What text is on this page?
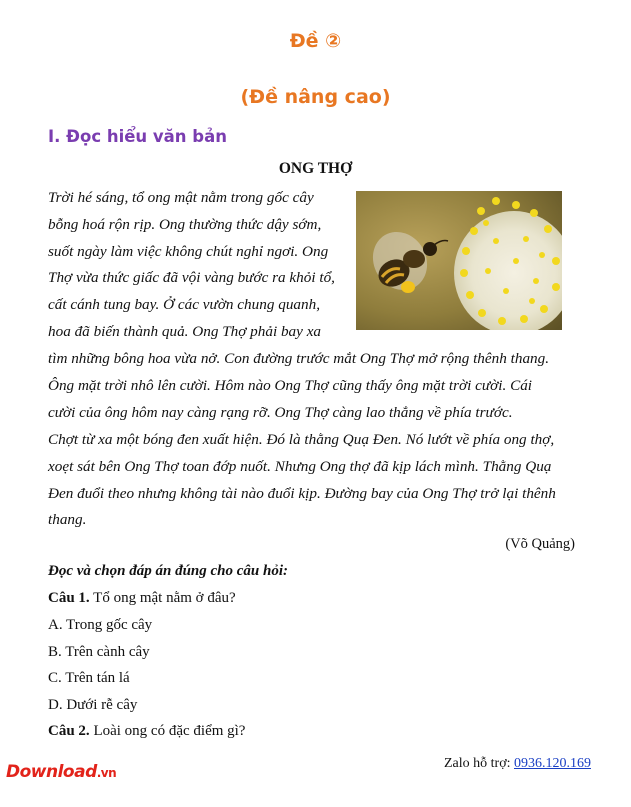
Đề ②
(Đề nâng cao)
I. Đọc hiểu văn bản
ONG THỢ
Trời hé sáng, tổ ong mật nằm trong gốc cây
bỗng hoá rộn rịp. Ong thường thức dậy sớm,
suốt ngày làm việc không chút nghỉ ngơi. Ong
Thợ vừa thức giấc đã vội vàng bước ra khỏi tổ,
cất cánh tung bay. Ở các vườn chung quanh,
hoa đã biến thành quả. Ong Thợ phải bay xa
tìm những bông hoa vừa nở. Con đường trước mắt Ong Thợ mở rộng thênh thang.
Ông mặt trời nhô lên cười. Hôm nào Ong Thợ cũng thấy ông mặt trời cười. Cái
cười của ông hôm nay càng rạng rỡ. Ong Thợ càng lao thẳng về phía trước.
Chợt từ xa một bóng đen xuất hiện. Đó là thằng Quạ Đen. Nó lướt về phía ong thợ,
xoẹt sát bên Ong Thợ toan đớp nuốt. Nhưng Ong thợ đã kịp lách mình. Thằng Quạ
Đen đuổi theo nhưng không tài nào đuổi kịp. Đường bay của Ong Thợ trở lại thênh
thang.
(Võ Quảng)
Đọc và chọn đáp án đúng cho câu hỏi:
Câu 1. Tổ ong mật nằm ở đâu?
A. Trong gốc cây
B. Trên cành cây
C. Trên tán lá
D. Dưới rễ cây
Câu 2. Loài ong có đặc điểm gì?
Zalo hỗ trợ: 0936.120.169
Download.vn
